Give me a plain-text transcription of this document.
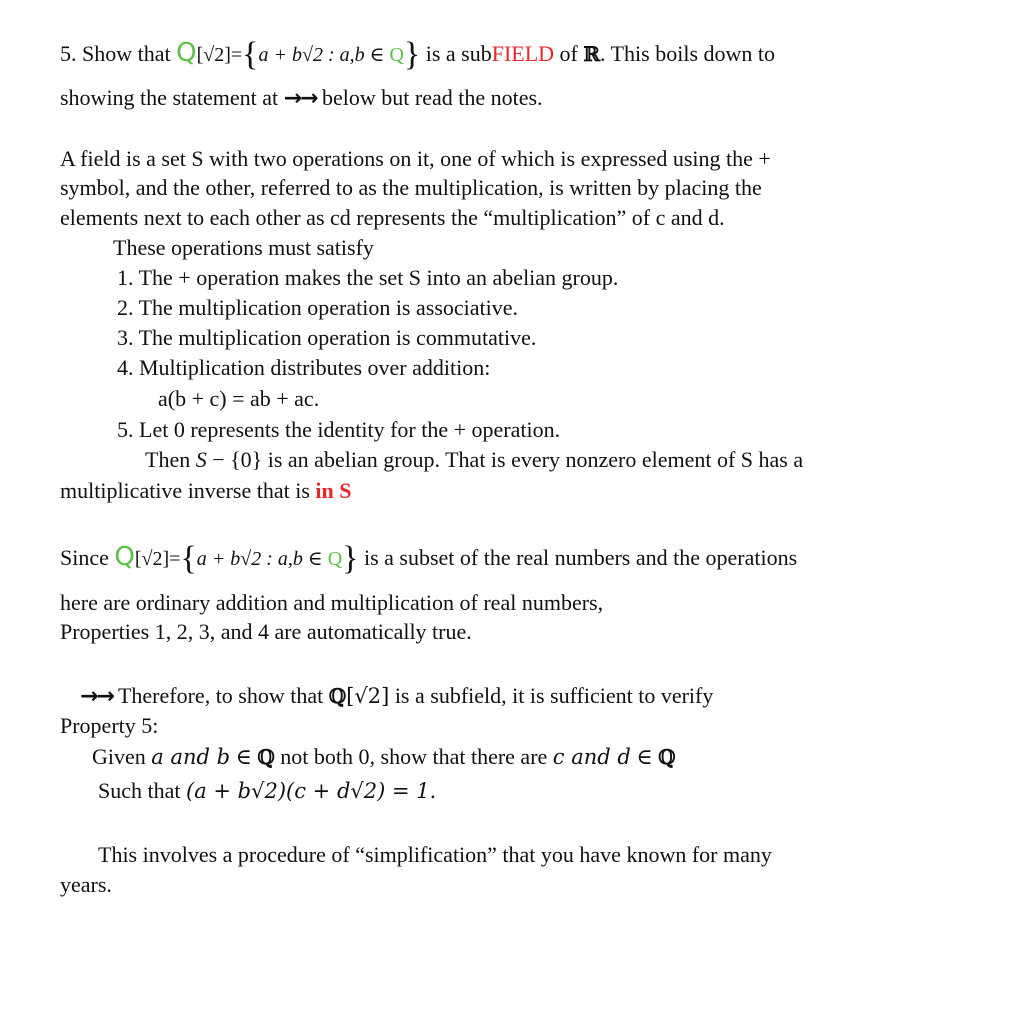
5. Show that Q[√2]={a + b√2 : a,b ∈ Q} is a subFIELD of ℝ. This boils down to
showing the statement at →→ below but read the notes.
A field is a set S with two operations on it, one of which is expressed using the +
symbol, and the other, referred to as the multiplication, is written by placing the
elements next to each other as cd represents the “multiplication” of c and d.
These operations must satisfy
1. The + operation makes the set S into an abelian group.
2. The multiplication operation is associative.
3. The multiplication operation is commutative.
4. Multiplication distributes over addition:
a(b + c) = ab + ac.
5. Let 0 represents the identity for the + operation.
Then S − {0} is an abelian group. That is every nonzero element of S has a
multiplicative inverse that is in S
Since Q[√2]={a + b√2 : a,b ∈ Q} is a subset of the real numbers and the operations
here are ordinary addition and multiplication of real numbers,
Properties 1, 2, 3, and 4 are automatically true.
→→ Therefore, to show that ℚ[√2] is a subfield, it is sufficient to verify
Property 5:
Given a and b ∈ ℚ not both 0, show that there are c and d ∈ ℚ
Such that (a + b√2)(c + d√2) = 1.
This involves a procedure of “simplification” that you have known for many
years.
